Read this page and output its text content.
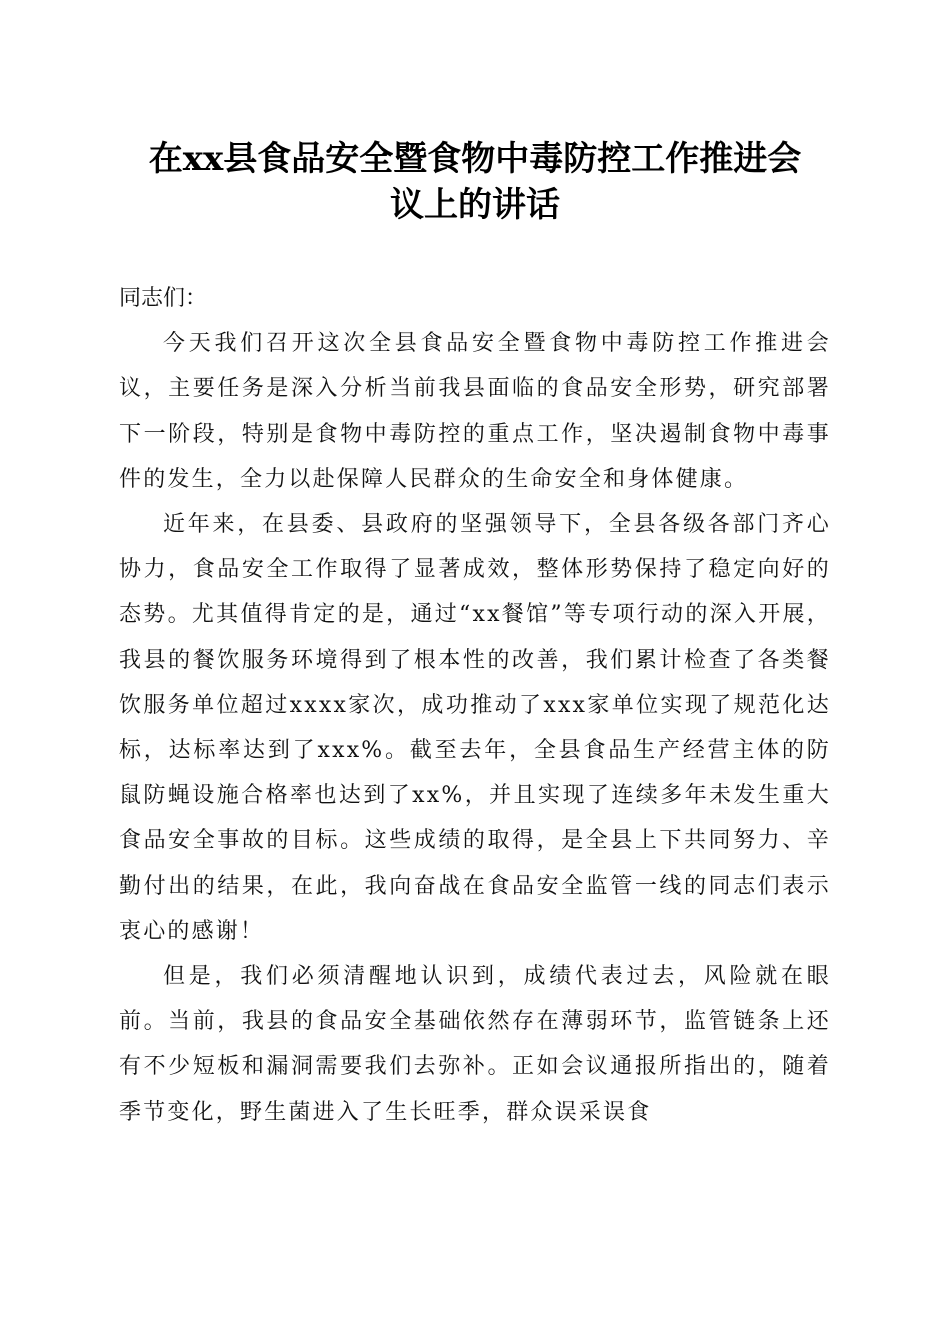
在xx县食品安全暨食物中毒防控工作推进会
议上的讲话

同志们：

今天我们召开这次全县食品安全暨食物中毒防控工作推进会议，主要任务是深入分析当前我县面临的食品安全形势，研究部署下一阶段，特别是食物中毒防控的重点工作，坚决遏制食物中毒事件的发生，全力以赴保障人民群众的生命安全和身体健康。

近年来，在县委、县政府的坚强领导下，全县各级各部门齐心协力，食品安全工作取得了显著成效，整体形势保持了稳定向好的态势。尤其值得肯定的是，通过“xx餐馆”等专项行动的深入开展，我县的餐饮服务环境得到了根本性的改善，我们累计检查了各类餐饮服务单位超过xxxx家次，成功推动了xxx家单位实现了规范化达标，达标率达到了xxx%。截至去年，全县食品生产经营主体的防鼠防蝇设施合格率也达到了xx%，并且实现了连续多年未发生重大食品安全事故的目标。这些成绩的取得，是全县上下共同努力、辛勤付出的结果，在此，我向奋战在食品安全监管一线的同志们表示衷心的感谢！

但是，我们必须清醒地认识到，成绩代表过去，风险就在眼前。当前，我县的食品安全基础依然存在薄弱环节，监管链条上还有不少短板和漏洞需要我们去弥补。正如会议通报所指出的，随着季节变化，野生菌进入了生长旺季，群众误采误食
